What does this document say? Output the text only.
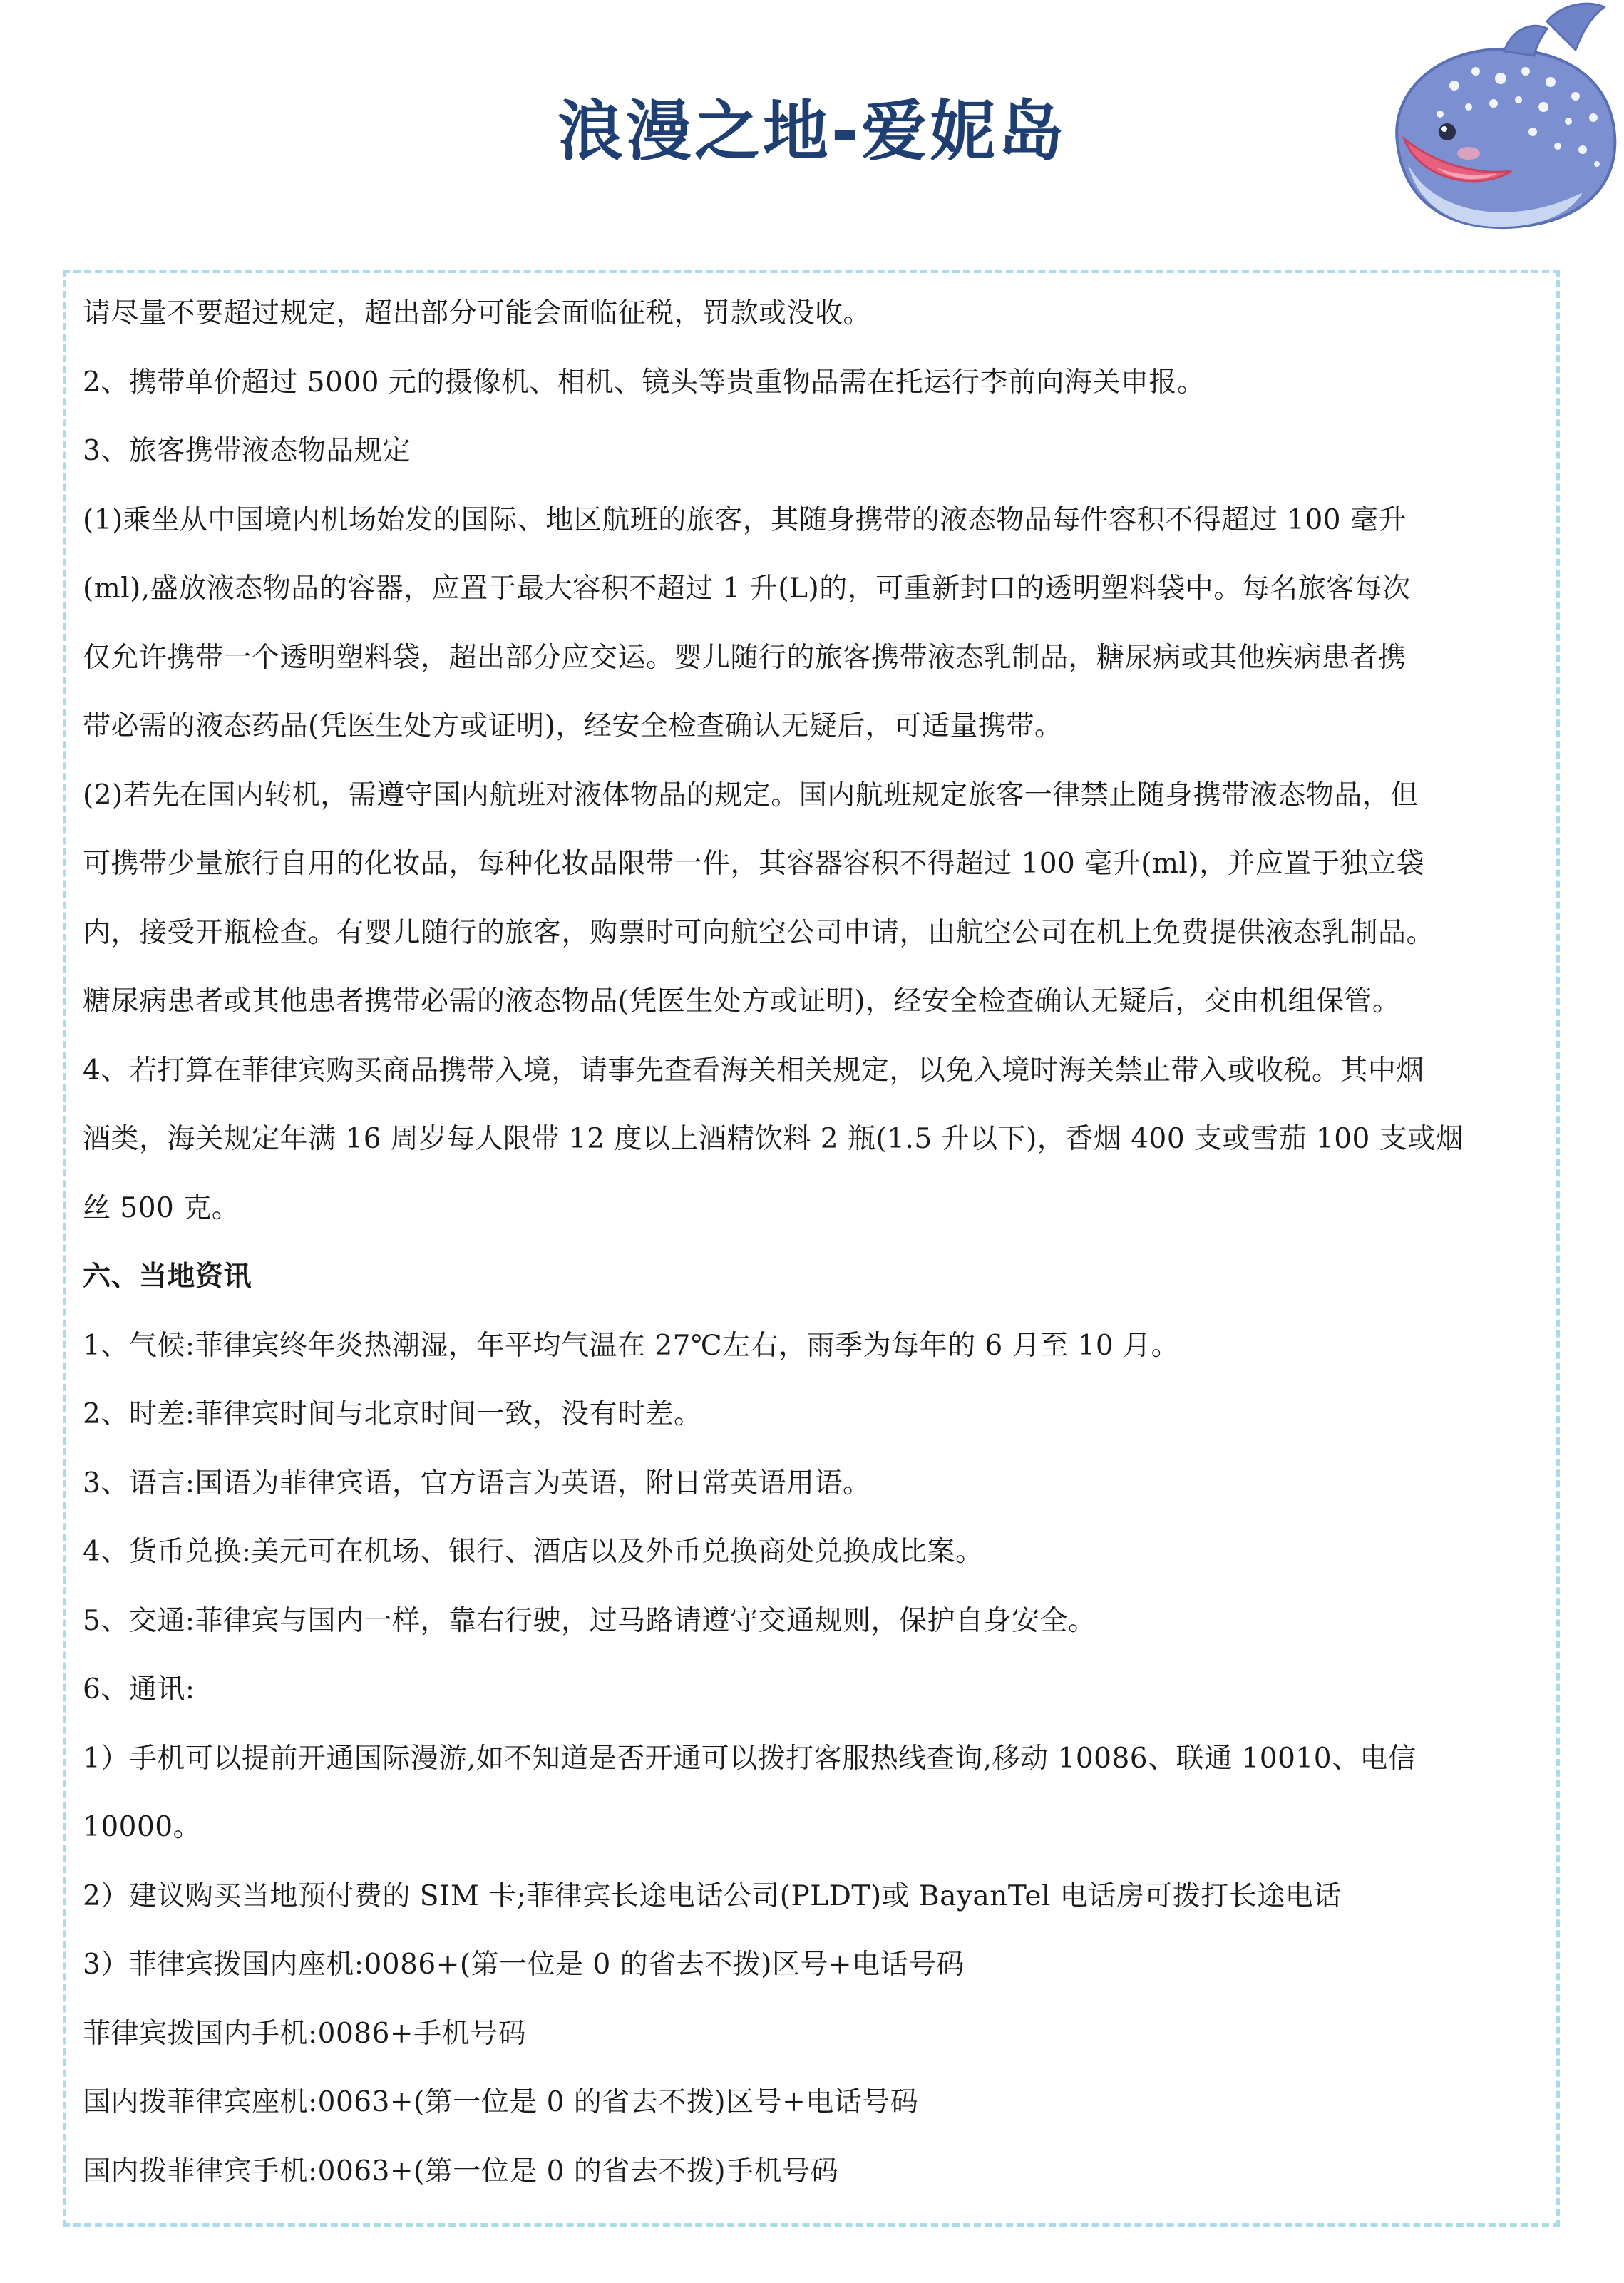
浪漫之地-爱妮岛
请尽量不要超过规定，超出部分可能会面临征税，罚款或没收。
2、携带单价超过 5000 元的摄像机、相机、镜头等贵重物品需在托运行李前向海关申报。
3、旅客携带液态物品规定
(1)乘坐从中国境内机场始发的国际、地区航班的旅客，其随身携带的液态物品每件容积不得超过 100 毫升
(ml),盛放液态物品的容器，应置于最大容积不超过 1 升(L)的，可重新封口的透明塑料袋中。每名旅客每次
仅允许携带一个透明塑料袋，超出部分应交运。婴儿随行的旅客携带液态乳制品，糖尿病或其他疾病患者携
带必需的液态药品(凭医生处方或证明)，经安全检查确认无疑后，可适量携带。
(2)若先在国内转机，需遵守国内航班对液体物品的规定。国内航班规定旅客一律禁止随身携带液态物品，但
可携带少量旅行自用的化妆品，每种化妆品限带一件，其容器容积不得超过 100 毫升(ml)，并应置于独立袋
内，接受开瓶检查。有婴儿随行的旅客，购票时可向航空公司申请，由航空公司在机上免费提供液态乳制品。
糖尿病患者或其他患者携带必需的液态物品(凭医生处方或证明)，经安全检查确认无疑后，交由机组保管。
4、若打算在菲律宾购买商品携带入境，请事先查看海关相关规定，以免入境时海关禁止带入或收税。其中烟
酒类，海关规定年满 16 周岁每人限带 12 度以上酒精饮料 2 瓶(1.5 升以下)，香烟 400 支或雪茄 100 支或烟
丝 500 克。
六、当地资讯
1、气候:菲律宾终年炎热潮湿，年平均气温在 27℃左右，雨季为每年的 6 月至 10 月。
2、时差:菲律宾时间与北京时间一致，没有时差。
3、语言:国语为菲律宾语，官方语言为英语，附日常英语用语。
4、货币兑换:美元可在机场、银行、酒店以及外币兑换商处兑换成比案。
5、交通:菲律宾与国内一样，靠右行驶，过马路请遵守交通规则，保护自身安全。
6、通讯:
1）手机可以提前开通国际漫游,如不知道是否开通可以拨打客服热线查询,移动 10086、联通 10010、电信
10000。
2）建议购买当地预付费的 SIM 卡;菲律宾长途电话公司(PLDT)或 BayanTel 电话房可拨打长途电话
3）菲律宾拨国内座机:0086+(第一位是 0 的省去不拨)区号+电话号码
菲律宾拨国内手机:0086+手机号码
国内拨菲律宾座机:0063+(第一位是 0 的省去不拨)区号+电话号码
国内拨菲律宾手机:0063+(第一位是 0 的省去不拨)手机号码
